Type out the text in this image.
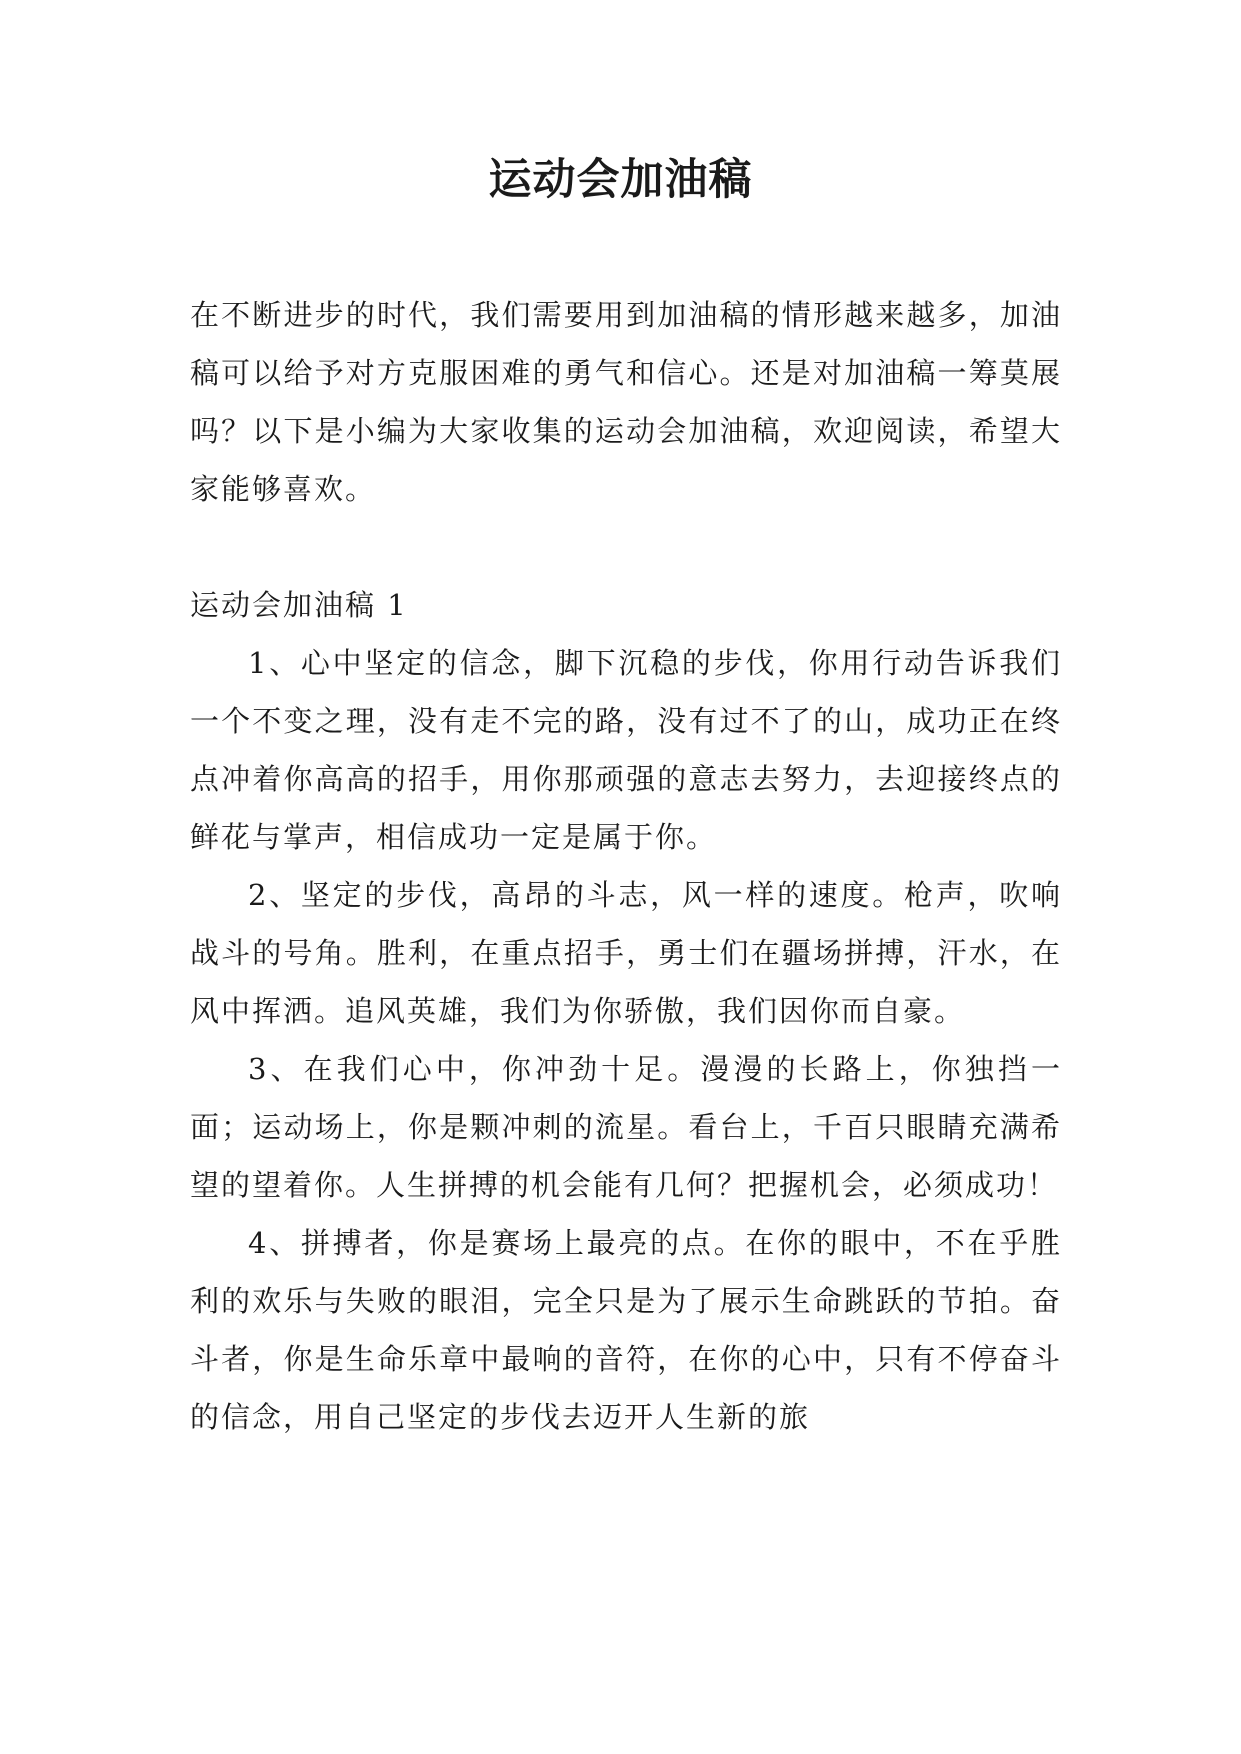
运动会加油稿

在不断进步的时代，我们需要用到加油稿的情形越来越多，加油稿可以给予对方克服困难的勇气和信心。还是对加油稿一筹莫展吗？以下是小编为大家收集的运动会加油稿，欢迎阅读，希望大家能够喜欢。

运动会加油稿 1

1、心中坚定的信念，脚下沉稳的步伐，你用行动告诉我们一个不变之理，没有走不完的路，没有过不了的山，成功正在终点冲着你高高的招手，用你那顽强的意志去努力，去迎接终点的鲜花与掌声，相信成功一定是属于你。

2、坚定的步伐，高昂的斗志，风一样的速度。枪声，吹响战斗的号角。胜利，在重点招手，勇士们在疆场拼搏，汗水，在风中挥洒。追风英雄，我们为你骄傲，我们因你而自豪。

3、在我们心中，你冲劲十足。漫漫的长路上，你独挡一面；运动场上，你是颗冲刺的流星。看台上，千百只眼睛充满希望的望着你。人生拼搏的机会能有几何？把握机会，必须成功！

4、拼搏者，你是赛场上最亮的点。在你的眼中，不在乎胜利的欢乐与失败的眼泪，完全只是为了展示生命跳跃的节拍。奋斗者，你是生命乐章中最响的音符，在你的心中，只有不停奋斗的信念，用自己坚定的步伐去迈开人生新的旅
